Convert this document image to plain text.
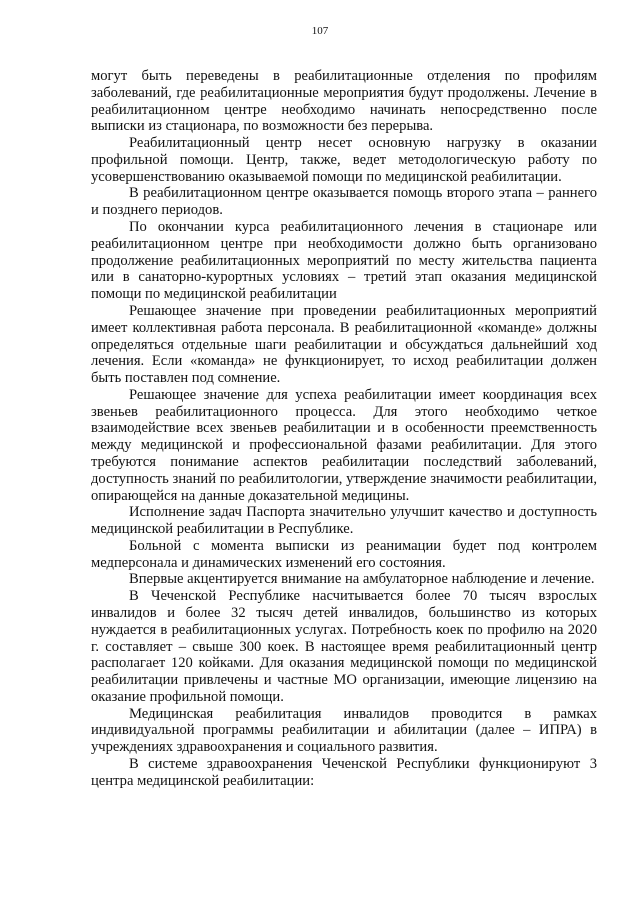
107

могут быть переведены в реабилитационные отделения по профилям заболеваний, где реабилитационные мероприятия будут продолжены. Лечение в реабилитационном центре необходимо начинать непосредственно после выписки из стационара, по возможности без перерыва.

Реабилитационный центр несет основную нагрузку в оказании профильной помощи. Центр, также, ведет методологическую работу по усовершенствованию оказываемой помощи по медицинской реабилитации.

В реабилитационном центре оказывается помощь второго этапа – раннего и позднего периодов.

По окончании курса реабилитационного лечения в стационаре или реабилитационном центре при необходимости должно быть организовано продолжение реабилитационных мероприятий по месту жительства пациента или в санаторно-курортных условиях – третий этап оказания медицинской помощи по медицинской реабилитации

Решающее значение при проведении реабилитационных мероприятий имеет коллективная работа персонала. В реабилитационной «команде» должны определяться отдельные шаги реабилитации и обсуждаться дальнейший ход лечения. Если «команда» не функционирует, то исход реабилитации должен быть поставлен под сомнение.

Решающее значение для успеха реабилитации имеет координация всех звеньев реабилитационного процесса. Для этого необходимо четкое взаимодействие всех звеньев реабилитации и в особенности преемственность между медицинской и профессиональной фазами реабилитации. Для этого требуются понимание аспектов реабилитации последствий заболеваний, доступность знаний по реабилитологии, утверждение значимости реабилитации, опирающейся на данные доказательной медицины.

Исполнение задач Паспорта значительно улучшит качество и доступность медицинской реабилитации в Республике.

Больной с момента выписки из реанимации будет под контролем медперсонала и динамических изменений его состояния.

Впервые акцентируется внимание на амбулаторное наблюдение и лечение.

В Чеченской Республике насчитывается более 70 тысяч взрослых инвалидов и более 32 тысяч детей инвалидов, большинство из которых нуждается в реабилитационных услугах. Потребность коек по профилю на 2020 г. составляет – свыше 300 коек. В настоящее время реабилитационный центр располагает 120 койками. Для оказания медицинской помощи по медицинской реабилитации привлечены и частные МО организации, имеющие лицензию на оказание профильной помощи.

Медицинская реабилитация инвалидов проводится в рамках индивидуальной программы реабилитации и абилитации (далее – ИПРА) в учреждениях здравоохранения и социального развития.

В системе здравоохранения Чеченской Республики функционируют 3 центра медицинской реабилитации:
